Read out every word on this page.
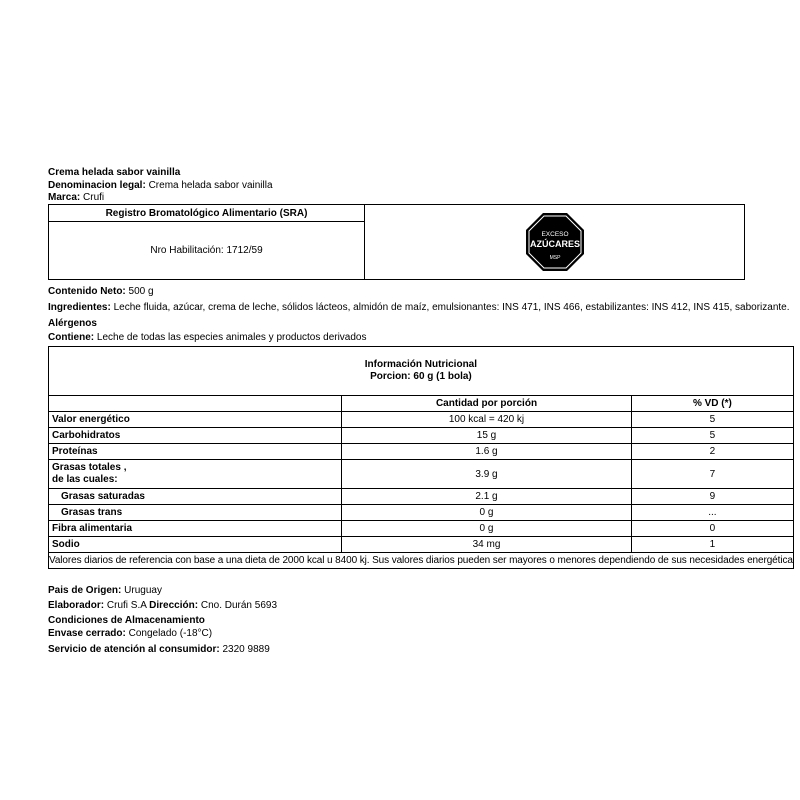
Crema helada sabor vainilla
Denominacion legal: Crema helada sabor vainilla
Marca: Crufi
Registro Bromatológico Alimentario (SRA)	
EXCESO
AZÚCARES
MSP

Nro Habilitación: 1712/59
Contenido Neto: 500 g
Ingredientes: Leche fluida, azúcar, crema de leche, sólidos lácteos, almidón de maíz, emulsionantes: INS 471, INS 466, estabilizantes: INS 412, INS 415, saborizante.
Alérgenos
Contiene: Leche de todas las especies animales y productos derivados
Información Nutricional
Porcion: 60 g (1 bola)		

	Cantidad por porción	% VD (*)
Valor energético	100 kcal = 420 kj	5
Carbohidratos	15 g	5
Proteínas	1.6 g	2

Grasas totales ,
de las cuales:	3.9 g	7
Grasas saturadas	2.1 g	9
Grasas trans	0 g	...
Fibra alimentaria	0 g	0
Sodio	34 mg	1
Valores diarios de referencia con base a una dieta de 2000 kcal u 8400 kj. Sus valores diarios pueden ser mayores o menores dependiendo de sus necesidades energética		
Pais de Origen: Uruguay
Elaborador: Crufi S.A Dirección: Cno. Durán 5693
Condiciones de Almacenamiento
Envase cerrado: Congelado (-18°C)
Servicio de atención al consumidor: 2320 9889
